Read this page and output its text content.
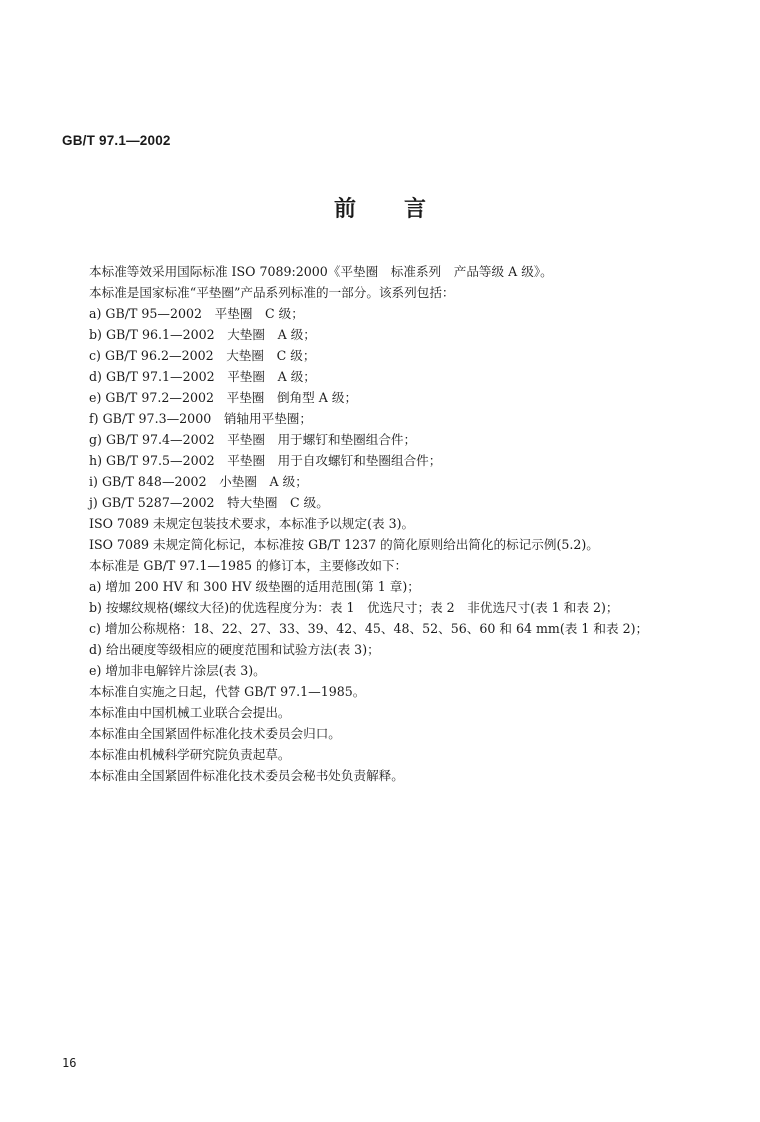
GB/T 97.1—2002
前言
本标准等效采用国际标准 ISO 7089:2000《平垫圈　标准系列　产品等级 A 级》。
本标准是国家标准“平垫圈”产品系列标准的一部分。该系列包括：
a) GB/T 95—2002　平垫圈　C 级；
b) GB/T 96.1—2002　大垫圈　A 级；
c) GB/T 96.2—2002　大垫圈　C 级；
d) GB/T 97.1—2002　平垫圈　A 级；
e) GB/T 97.2—2002　平垫圈　倒角型 A 级；
f) GB/T 97.3—2000　销轴用平垫圈；
g) GB/T 97.4—2002　平垫圈　用于螺钉和垫圈组合件；
h) GB/T 97.5—2002　平垫圈　用于自攻螺钉和垫圈组合件；
i) GB/T 848—2002　小垫圈　A 级；
j) GB/T 5287—2002　特大垫圈　C 级。
ISO 7089 未规定包装技术要求，本标准予以规定(表 3)。
ISO 7089 未规定简化标记，本标准按 GB/T 1237 的简化原则给出简化的标记示例(5.2)。
本标准是 GB/T 97.1—1985 的修订本，主要修改如下：
a) 增加 200 HV 和 300 HV 级垫圈的适用范围(第 1 章)；
b) 按螺纹规格(螺纹大径)的优选程度分为：表 1　优选尺寸；表 2　非优选尺寸(表 1 和表 2)；
c) 增加公称规格：18、22、27、33、39、42、45、48、52、56、60 和 64 mm(表 1 和表 2)；
d) 给出硬度等级相应的硬度范围和试验方法(表 3)；
e) 增加非电解锌片涂层(表 3)。
本标准自实施之日起，代替 GB/T 97.1—1985。
本标准由中国机械工业联合会提出。
本标准由全国紧固件标准化技术委员会归口。
本标准由机械科学研究院负责起草。
本标准由全国紧固件标准化技术委员会秘书处负责解释。
16
